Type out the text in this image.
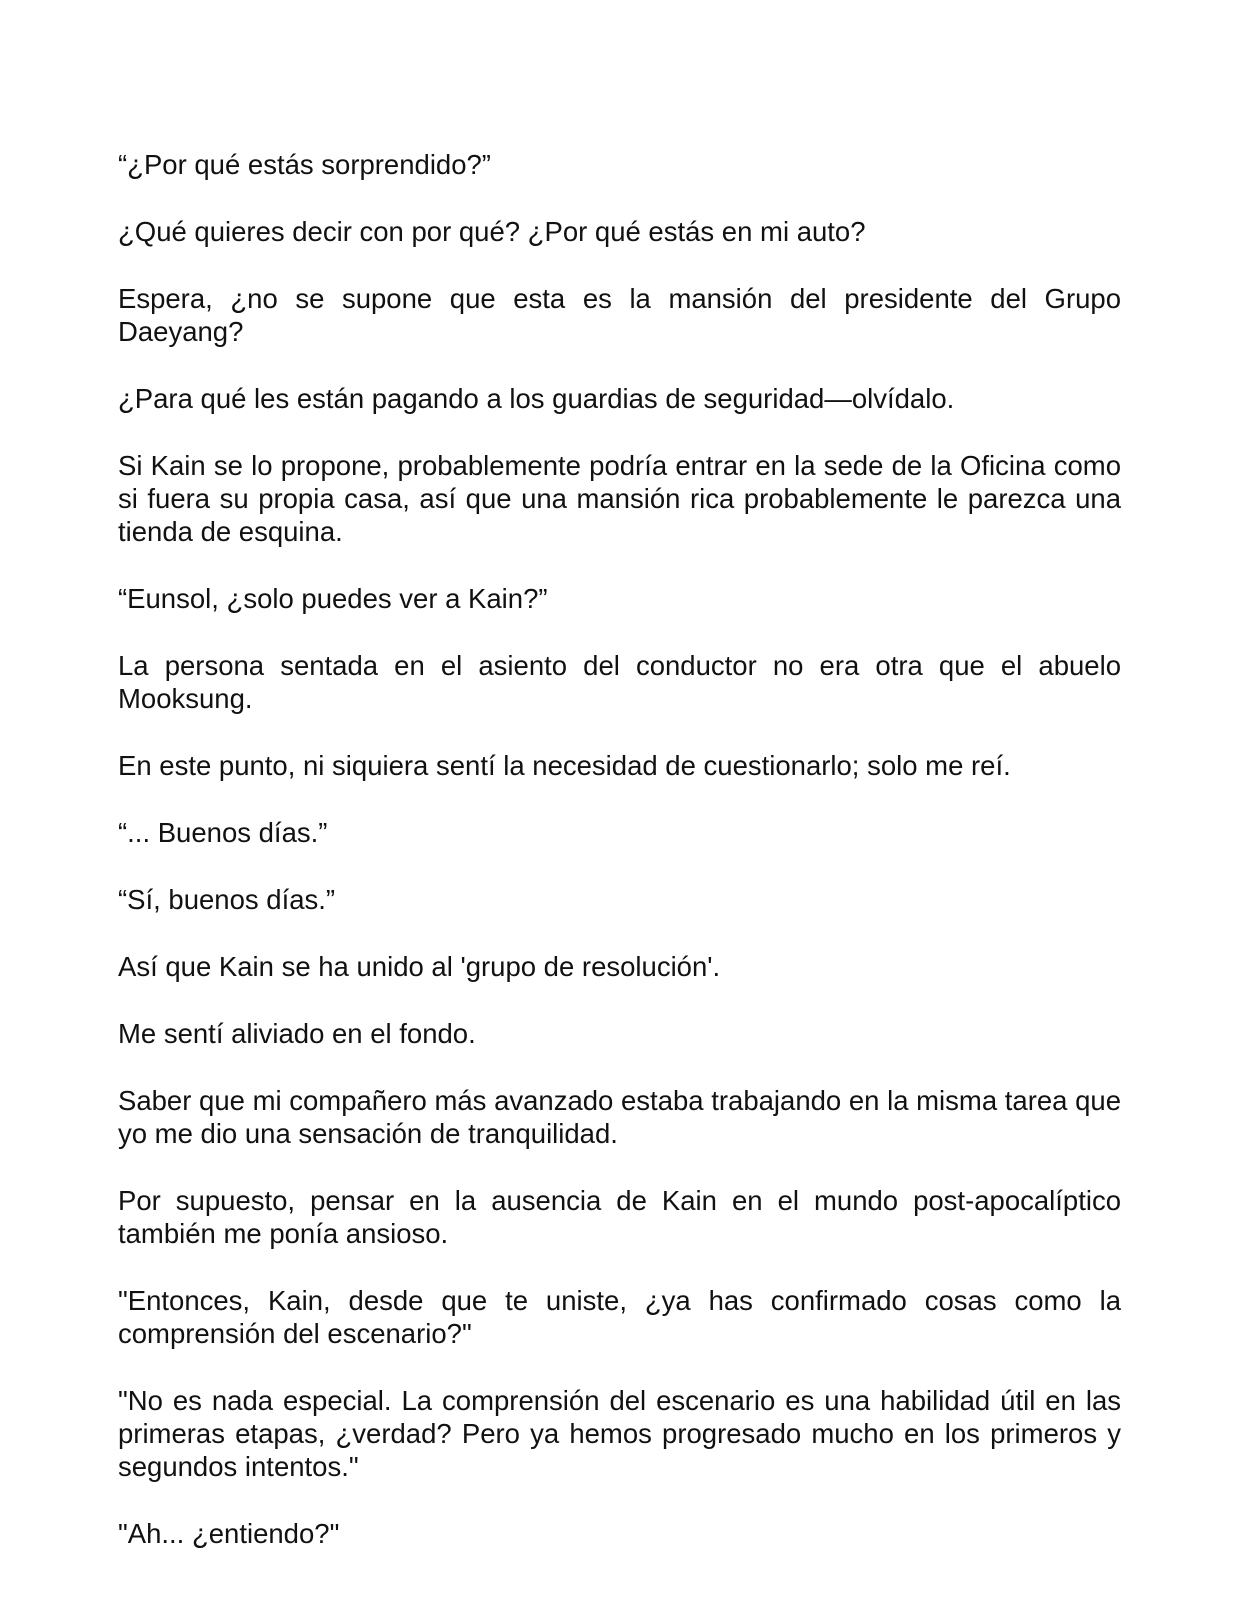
“¿Por qué estás sorprendido?”

¿Qué quieres decir con por qué? ¿Por qué estás en mi auto?

Espera, ¿no se supone que esta es la mansión del presidente del Grupo Daeyang?

¿Para qué les están pagando a los guardias de seguridad—olvídalo.

Si Kain se lo propone, probablemente podría entrar en la sede de la Oficina como si fuera su propia casa, así que una mansión rica probablemente le parezca una tienda de esquina.

“Eunsol, ¿solo puedes ver a Kain?”

La persona sentada en el asiento del conductor no era otra que el abuelo Mooksung.

En este punto, ni siquiera sentí la necesidad de cuestionarlo; solo me reí.

“... Buenos días.”

“Sí, buenos días.”

Así que Kain se ha unido al 'grupo de resolución'.

Me sentí aliviado en el fondo.

Saber que mi compañero más avanzado estaba trabajando en la misma tarea que yo me dio una sensación de tranquilidad.

Por supuesto, pensar en la ausencia de Kain en el mundo post-apocalíptico también me ponía ansioso.

"Entonces, Kain, desde que te uniste, ¿ya has confirmado cosas como la comprensión del escenario?"

"No es nada especial. La comprensión del escenario es una habilidad útil en las primeras etapas, ¿verdad? Pero ya hemos progresado mucho en los primeros y segundos intentos."

"Ah... ¿entiendo?"
